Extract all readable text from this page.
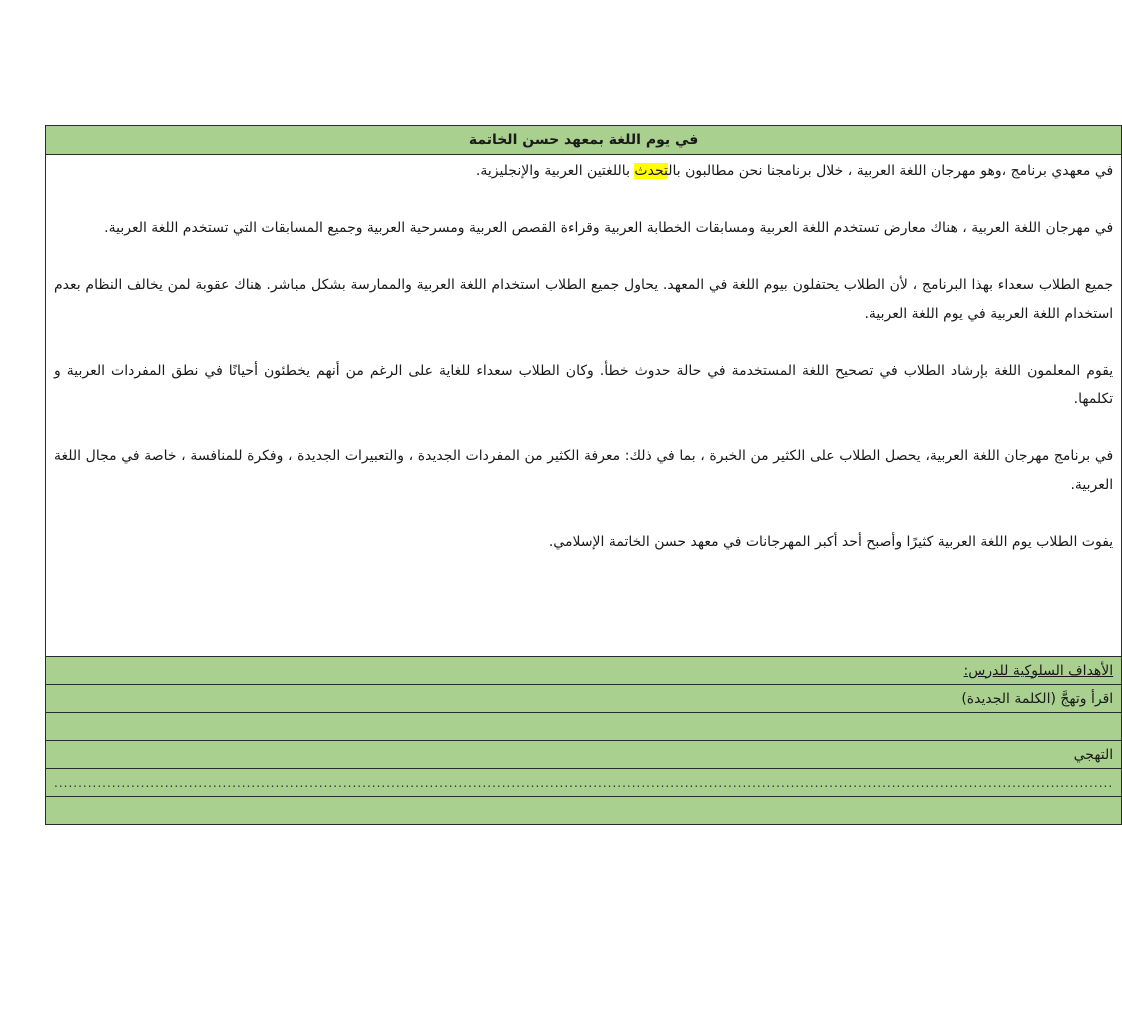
في يوم اللغة بمعهد حسن الخاتمة

في معهدي برنامج ،وهو مهرجان اللغة العربية ، خلال برنامجنا نحن مطالبون بالتحدث باللغتين العربية والإنجليزية.

في مهرجان اللغة العربية ، هناك معارض تستخدم اللغة العربية ومسابقات الخطابة العربية وقراءة القصص العربية ومسرحية العربية وجميع المسابقات التي تستخدم اللغة العربية.

جميع الطلاب سعداء بهذا البرنامج ، لأن الطلاب يحتفلون بيوم اللغة في المعهد. يحاول جميع الطلاب استخدام اللغة العربية والممارسة بشكل مباشر. هناك عقوبة لمن يخالف النظام بعدم استخدام اللغة العربية في يوم اللغة العربية.

يقوم المعلمون اللغة بإرشاد الطلاب في تصحيح اللغة المستخدمة في حالة حدوث خطأ. وكان الطلاب سعداء للغاية على الرغم من أنهم يخطئون أحيانًا في نطق المفردات العربية و تكلمها.

في برنامج مهرجان اللغة العربية، يحصل الطلاب على الكثير من الخبرة ، بما في ذلك: معرفة الكثير من المفردات الجديدة ، والتعبيرات الجديدة ، وفكرة للمنافسة ، خاصة في مجال اللغة العربية.

يفوت الطلاب يوم اللغة العربية كثيرًا وأصبح أحد أكبر المهرجانات في معهد حسن الخاتمة الإسلامي.

الأهداف السلوكية للدرس:
اقرأ وتهجَّ (الكلمة الجديدة)

التهجي

............................................................................................................................................................................................................................
